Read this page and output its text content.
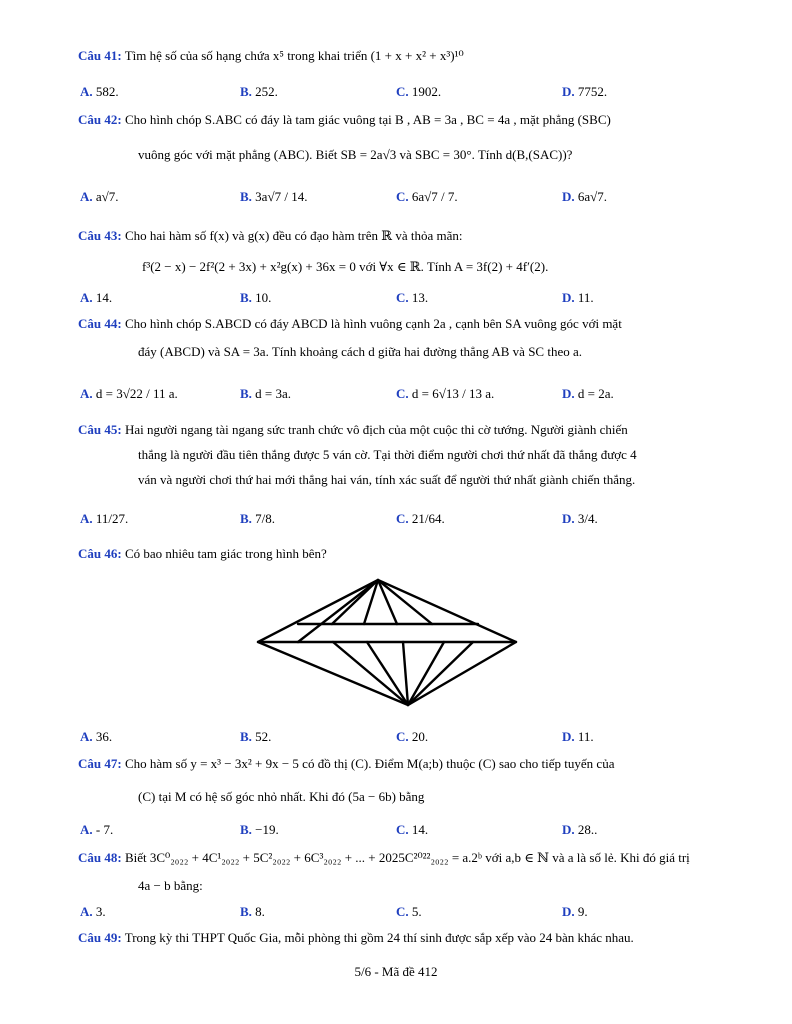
Câu 41: Tìm hệ số của số hạng chứa x⁵ trong khai triển (1 + x + x² + x³)¹⁰
A. 582.	B. 252.	C. 1902.	D. 7752.
Câu 42: Cho hình chóp S.ABC có đáy là tam giác vuông tại B , AB = 3a , BC = 4a , mặt phẳng (SBC)
vuông góc với mặt phẳng (ABC). Biết SB = 2a√3 và SBC = 30°. Tính d(B,(SAC))?
A. a√7.	B. 3a√7 / 14.	C. 6a√7 / 7.	D. 6a√7.
Câu 43: Cho hai hàm số f(x) và g(x) đều có đạo hàm trên ℝ và thỏa mãn:
f³(2 − x) − 2f²(2 + 3x) + x²g(x) + 36x = 0 với ∀x ∈ ℝ. Tính A = 3f(2) + 4f′(2).
A. 14.	B. 10.	C. 13.	D. 11.
Câu 44: Cho hình chóp S.ABCD có đáy ABCD là hình vuông cạnh 2a , cạnh bên SA vuông góc với mặt
đáy (ABCD) và SA = 3a. Tính khoảng cách d giữa hai đường thẳng AB và SC theo a.
A. d = 3√22 / 11 a.	B. d = 3a.	C. d = 6√13 / 13 a.	D. d = 2a.
Câu 45: Hai người ngang tài ngang sức tranh chức vô địch của một cuộc thi cờ tướng. Người giành chiến
thắng là người đầu tiên thắng được 5 ván cờ. Tại thời điểm người chơi thứ nhất đã thắng được 4
ván và người chơi thứ hai mới thắng hai ván, tính xác suất để người thứ nhất giành chiến thắng.
A. 11/27.	B. 7/8.	C. 21/64.	D. 3/4.
Câu 46: Có bao nhiêu tam giác trong hình bên?
A. 36.	B. 52.	C. 20.	D. 11.
Câu 47: Cho hàm số y = x³ − 3x² + 9x − 5 có đồ thị (C). Điểm M(a;b) thuộc (C) sao cho tiếp tuyến của
(C) tại M có hệ số góc nhỏ nhất. Khi đó (5a − 6b) bằng
A. - 7.	B. −19.	C. 14.	D. 28..
Câu 48: Biết 3C⁰₂₀₂₂ + 4C¹₂₀₂₂ + 5C²₂₀₂₂ + 6C³₂₀₂₂ + ... + 2025C²⁰²²₂₀₂₂ = a.2ᵇ với a,b ∈ ℕ và a là số lẻ. Khi đó giá trị
4a − b bằng:
A. 3.	B. 8.	C. 5.	D. 9.
Câu 49: Trong kỳ thi THPT Quốc Gia, mỗi phòng thi gồm 24 thí sinh được sắp xếp vào 24 bàn khác nhau.
5/6 - Mã đề 412
